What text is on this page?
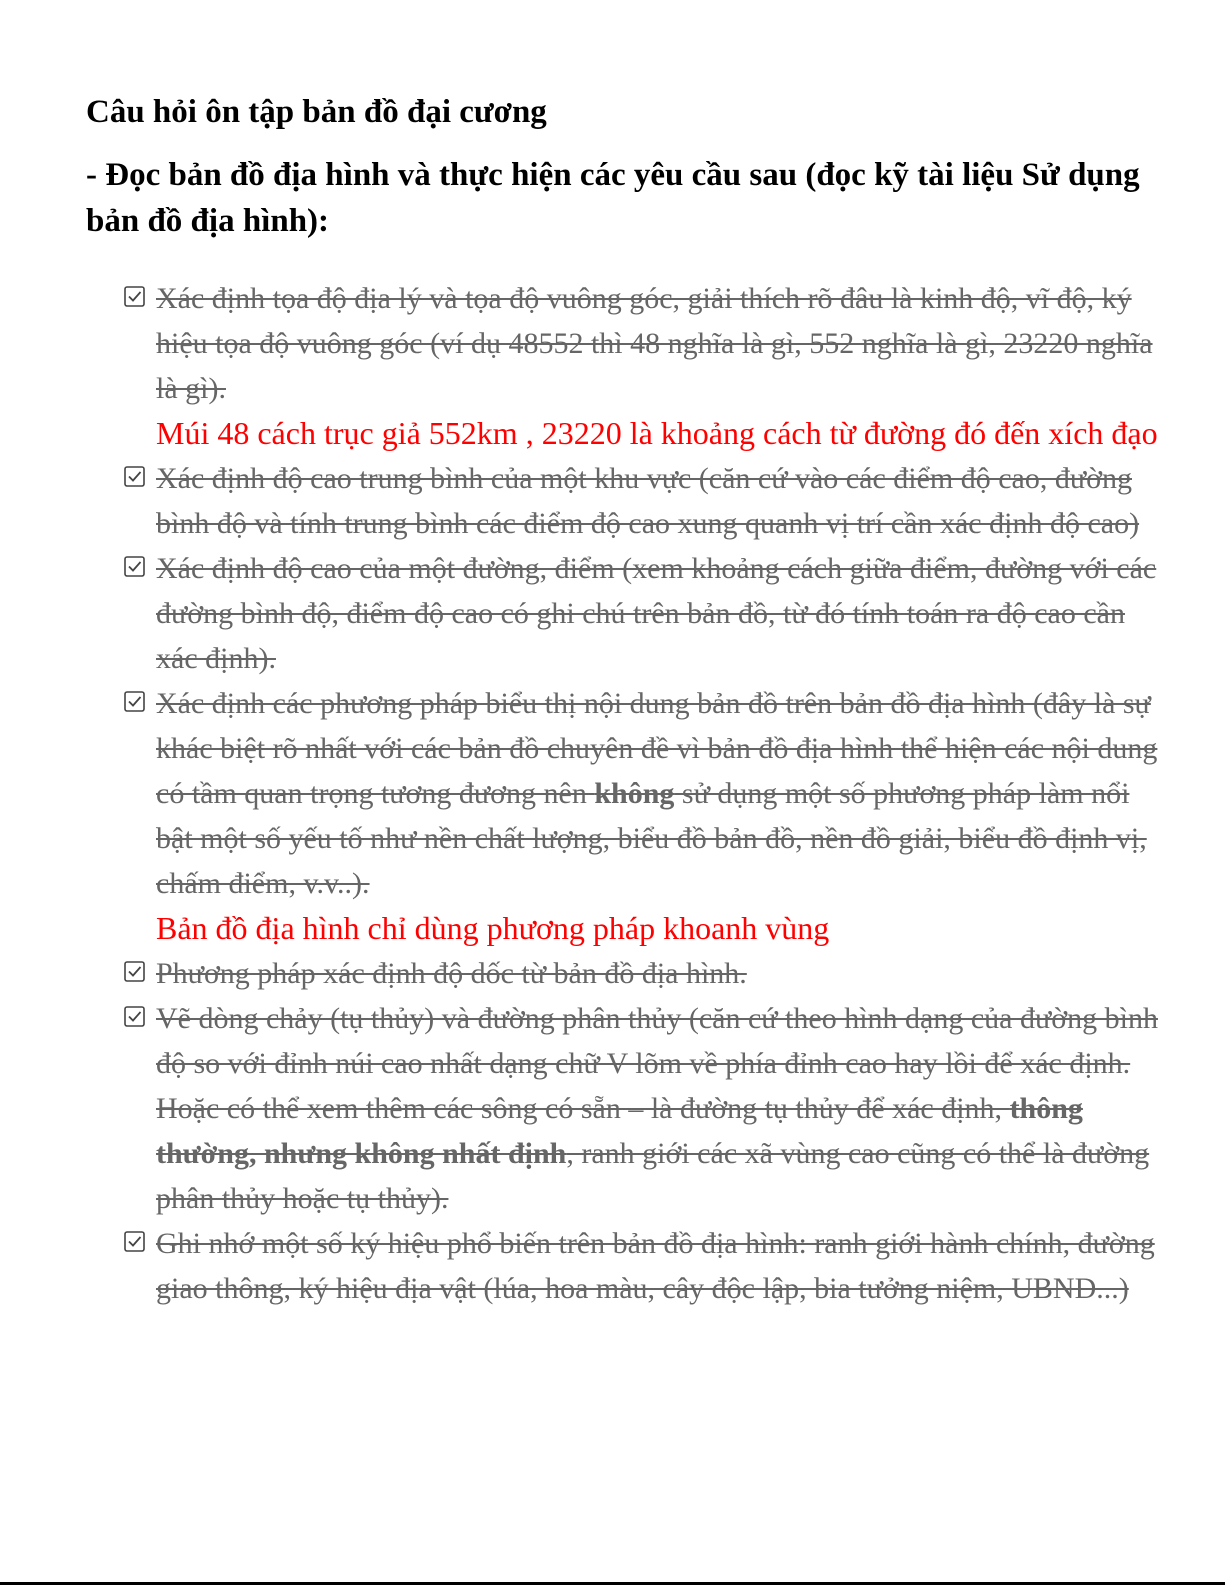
Câu hỏi ôn tập bản đồ đại cương
- Đọc bản đồ địa hình và thực hiện các yêu cầu sau (đọc kỹ tài liệu Sử dụng bản đồ địa hình):
Xác định tọa độ địa lý và tọa độ vuông góc, giải thích rõ đâu là kinh độ, vĩ độ, ký hiệu tọa độ vuông góc (ví dụ 48552 thì 48 nghĩa là gì, 552 nghĩa là gì, 23220 nghĩa là gì).
Múi 48 cách trục giả 552km , 23220 là khoảng cách từ đường đó đến xích đạo
Xác định độ cao trung bình của một khu vực (căn cứ vào các điểm độ cao, đường bình độ và tính trung bình các điểm độ cao xung quanh vị trí cần xác định độ cao)
Xác định độ cao của một đường, điểm (xem khoảng cách giữa điểm, đường với các đường bình độ, điểm độ cao có ghi chú trên bản đồ, từ đó tính toán ra độ cao cần xác định).
Xác định các phương pháp biểu thị nội dung bản đồ trên bản đồ địa hình (đây là sự khác biệt rõ nhất với các bản đồ chuyên đề vì bản đồ địa hình thể hiện các nội dung có tầm quan trọng tương đương nên không sử dụng một số phương pháp làm nổi bật một số yếu tố như nền chất lượng, biểu đồ bản đồ, nền đồ giải, biểu đồ định vị, chấm điểm, v.v..).
Bản đồ địa hình chỉ dùng phương pháp khoanh vùng
Phương pháp xác định độ dốc từ bản đồ địa hình.
Vẽ dòng chảy (tụ thủy) và đường phân thủy (căn cứ theo hình dạng của đường bình độ so với đỉnh núi cao nhất dạng chữ V lõm về phía đỉnh cao hay lồi để xác định. Hoặc có thể xem thêm các sông có sẵn – là đường tụ thủy để xác định, thông thường, nhưng không nhất định, ranh giới các xã vùng cao cũng có thể là đường phân thủy hoặc tụ thủy).
Ghi nhớ một số ký hiệu phổ biến trên bản đồ địa hình: ranh giới hành chính, đường giao thông, ký hiệu địa vật (lúa, hoa màu, cây độc lập, bia tưởng niệm, UBND...)
